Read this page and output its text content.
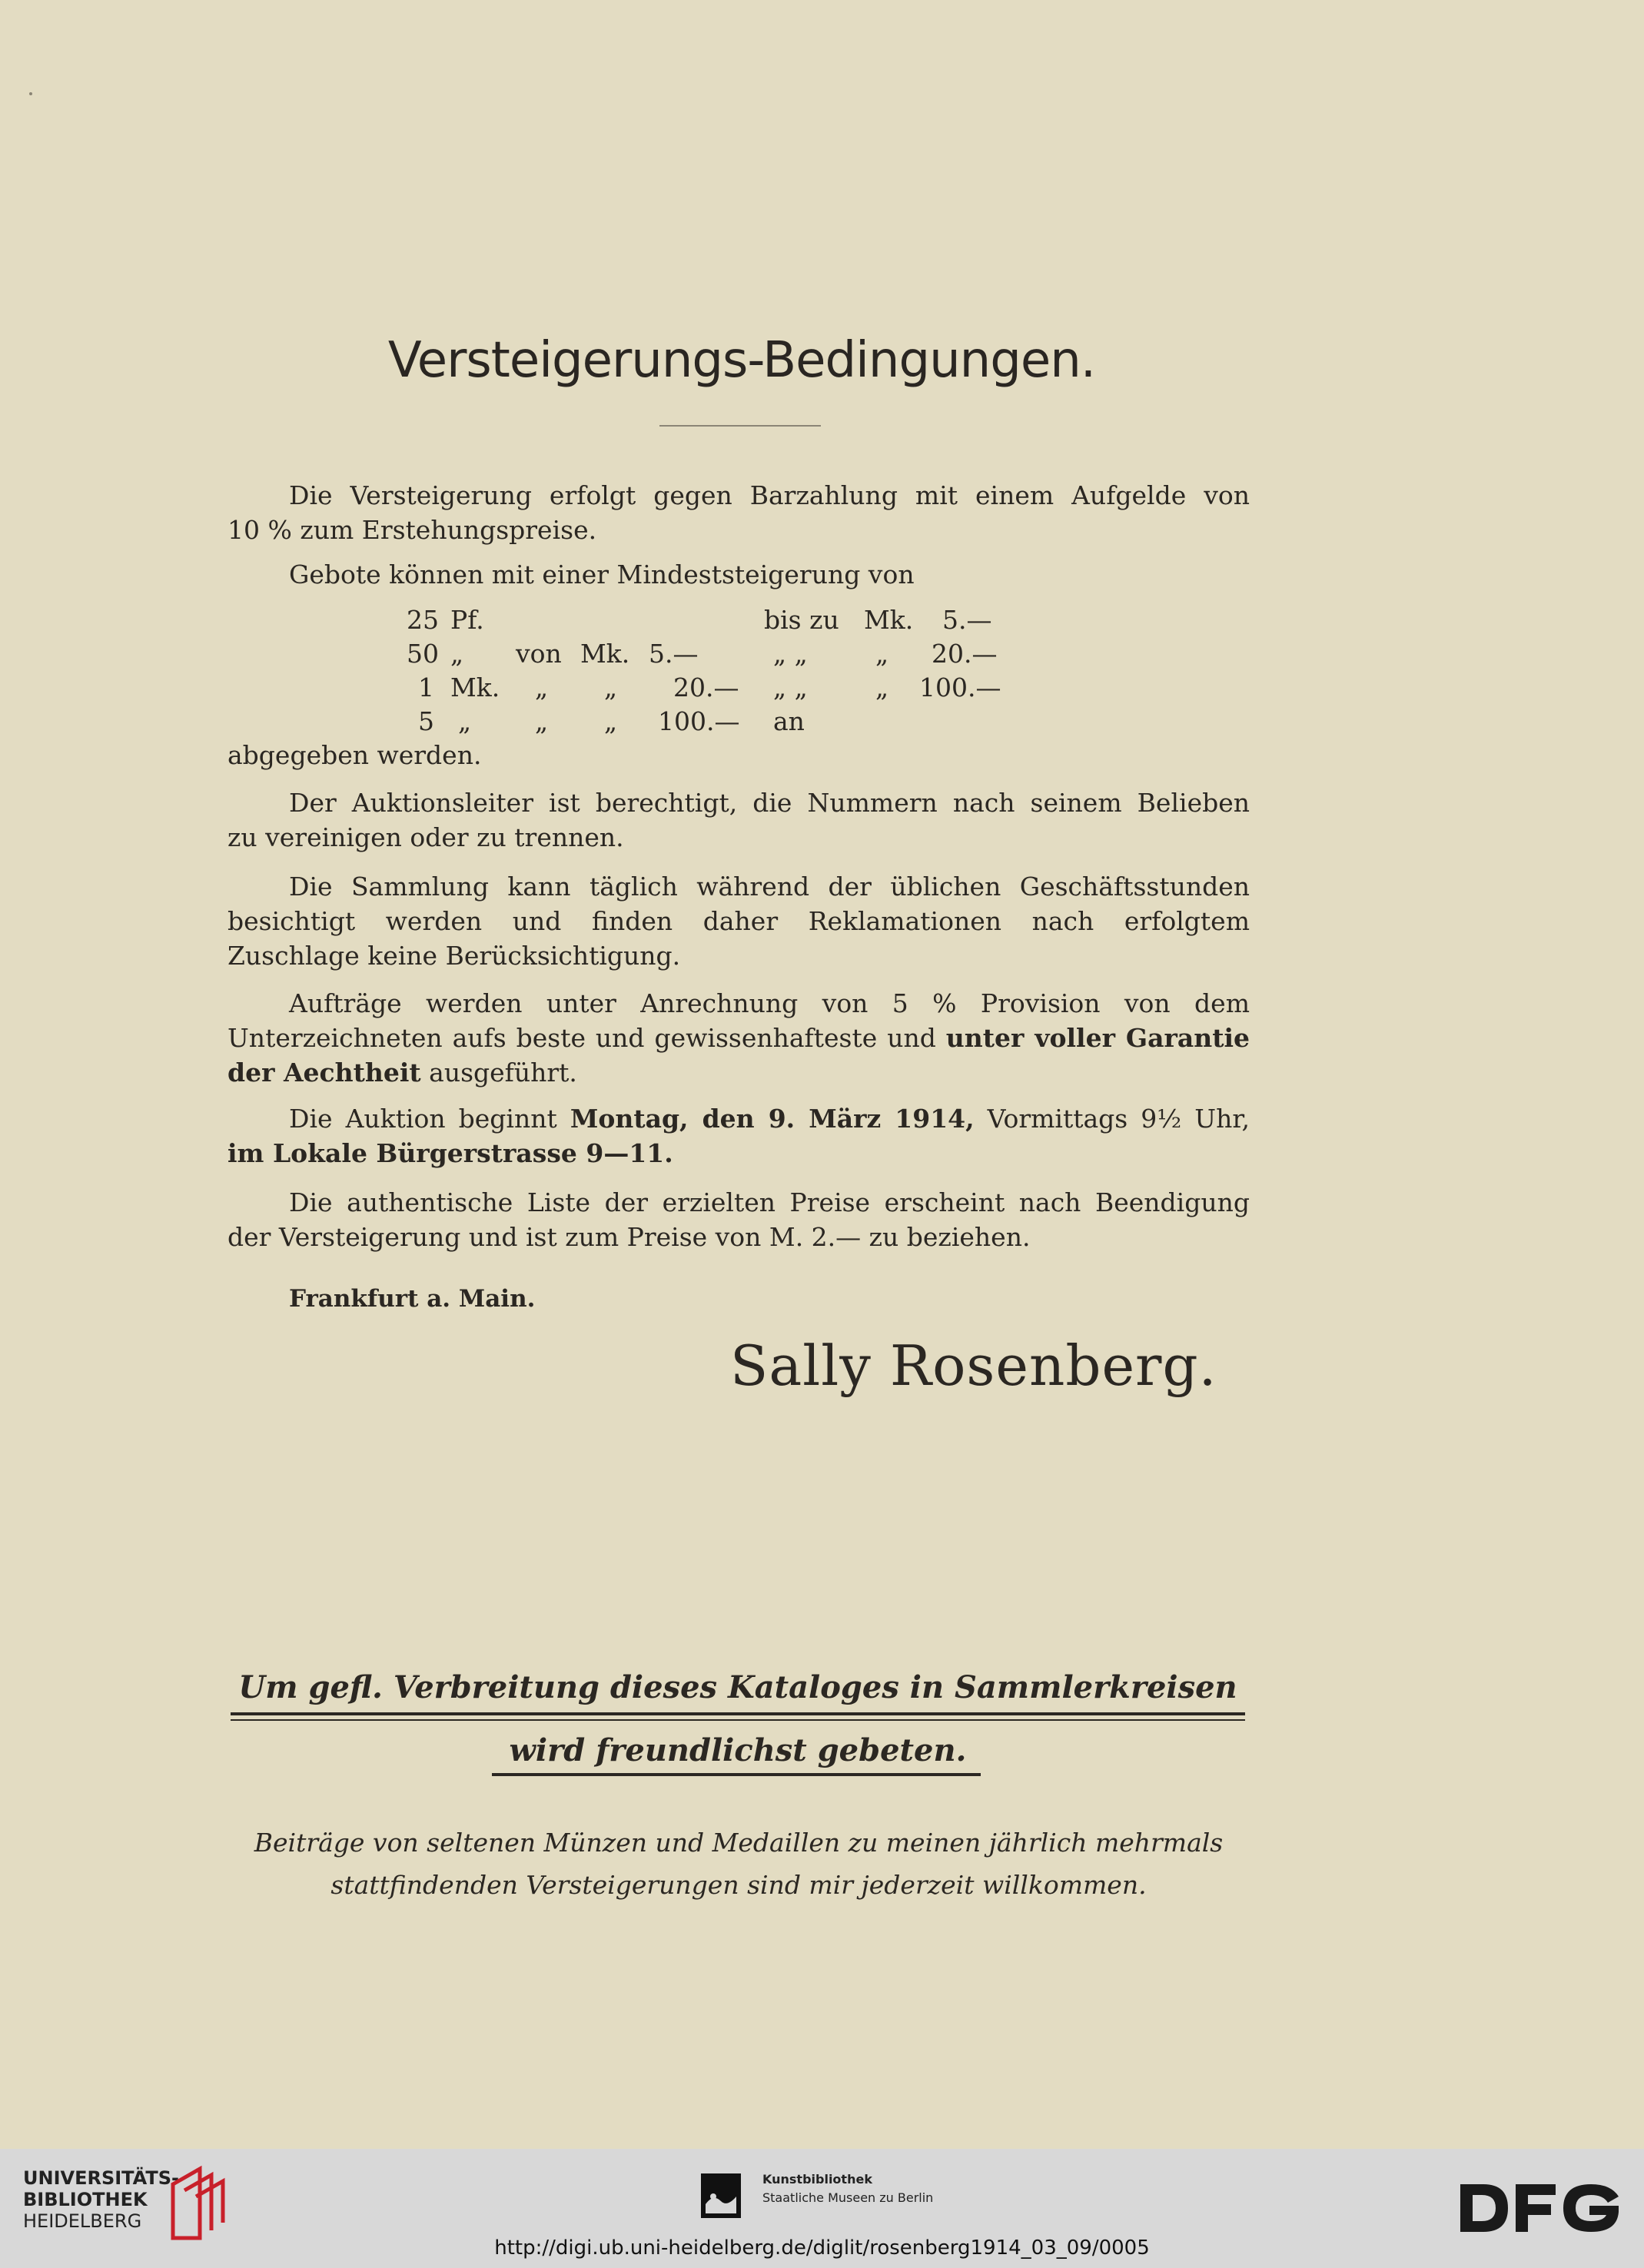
Versteigerungs-Bedingungen.
Die Versteigerung erfolgt gegen Barzahlung mit einem Aufgelde von
10 % zum Erstehungspreise.
Gebote können mit einer Mindeststeigerung von
25 Pf.	bis zu Mk. 5.—
50 „ von Mk. 5.—	„ „	„ 20.—
1 Mk. „ „ 20.— „ „	„ 100.—
5 „	„ „ 100.— an
abgegeben werden.
Der Auktionsleiter ist berechtigt, die Nummern nach seinem Belieben
zu vereinigen oder zu trennen.
Die Sammlung kann täglich während der üblichen Geschäftsstunden
besichtigt werden und finden daher Reklamationen nach erfolgtem
Zuschlage keine Berücksichtigung.
Aufträge werden unter Anrechnung von 5 % Provision von dem
Unterzeichneten aufs beste und gewissenhafteste und unter voller Garantie
der Aechtheit ausgeführt.
Die Auktion beginnt Montag, den 9. März 1914, Vormittags 9½ Uhr,
im Lokale Bürgerstrasse 9—11.
Die authentische Liste der erzielten Preise erscheint nach Beendigung
der Versteigerung und ist zum Preise von M. 2.— zu beziehen.
Frankfurt a. Main.
Sally Rosenberg.
Um gefl. Verbreitung dieses Kataloges in Sammlerkreisen
wird freundlichst gebeten.
Beiträge von seltenen Münzen und Medaillen zu meinen jährlich mehrmals
stattfindenden Versteigerungen sind mir jederzeit willkommen.
UNIVERSITÄTS-
BIBLIOTHEK
HEIDELBERG
Kunstbibliothek
Staatliche Museen zu Berlin
http://digi.ub.uni-heidelberg.de/diglit/rosenberg1914_03_09/0005
